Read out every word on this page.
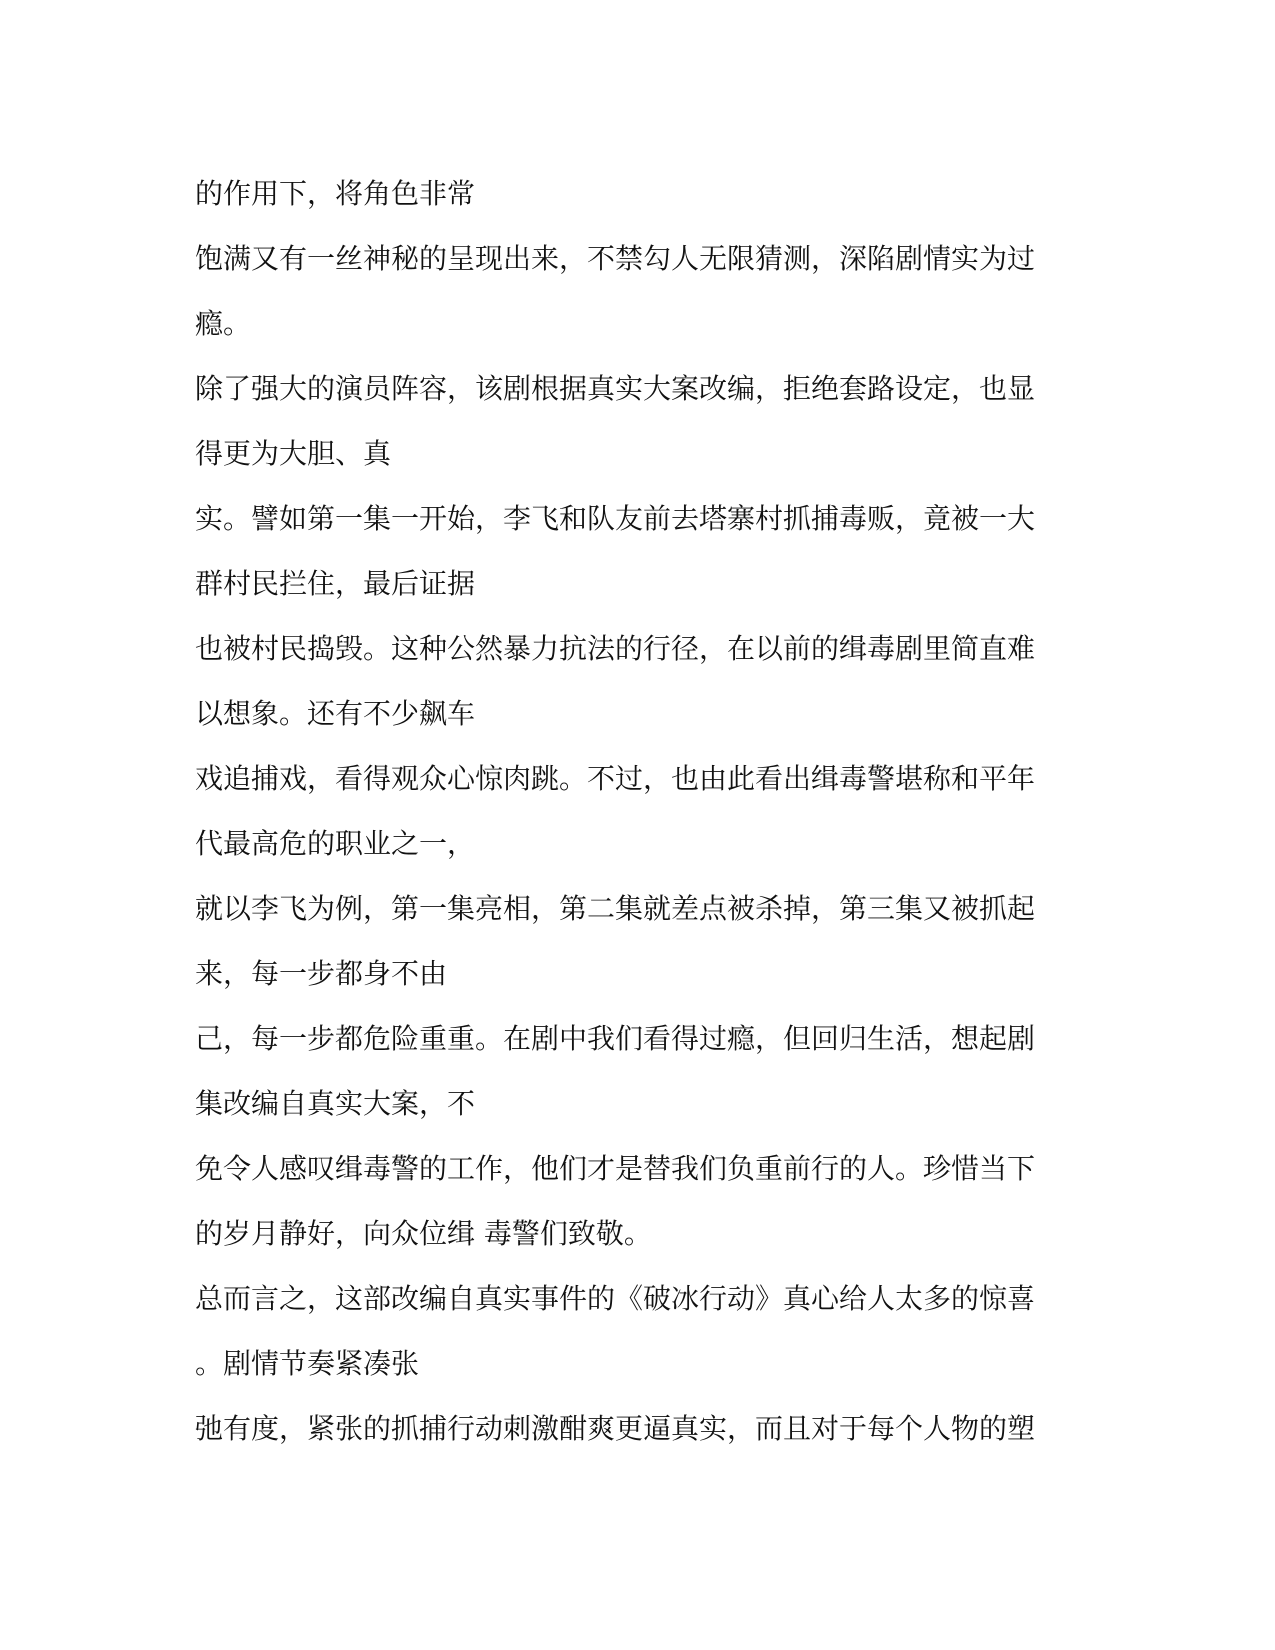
的作用下，将角色非常
饱满又有一丝神秘的呈现出来，不禁勾人无限猜测，深陷剧情实为过
瘾。
除了强大的演员阵容，该剧根据真实大案改编，拒绝套路设定，也显
得更为大胆、真
实。譬如第一集一开始，李飞和队友前去塔寨村抓捕毒贩，竟被一大
群村民拦住，最后证据
也被村民捣毁。这种公然暴力抗法的行径，在以前的缉毒剧里简直难
以想象。还有不少飙车
戏追捕戏，看得观众心惊肉跳。不过，也由此看出缉毒警堪称和平年
代最高危的职业之一，
就以李飞为例，第一集亮相，第二集就差点被杀掉，第三集又被抓起
来，每一步都身不由
己，每一步都危险重重。在剧中我们看得过瘾，但回归生活，想起剧
集改编自真实大案，不
免令人感叹缉毒警的工作，他们才是替我们负重前行的人。珍惜当下
的岁月静好，向众位缉 毒警们致敬。
总而言之，这部改编自真实事件的《破冰行动》真心给人太多的惊喜
。剧情节奏紧凑张
弛有度，紧张的抓捕行动刺激酣爽更逼真实，而且对于每个人物的塑
